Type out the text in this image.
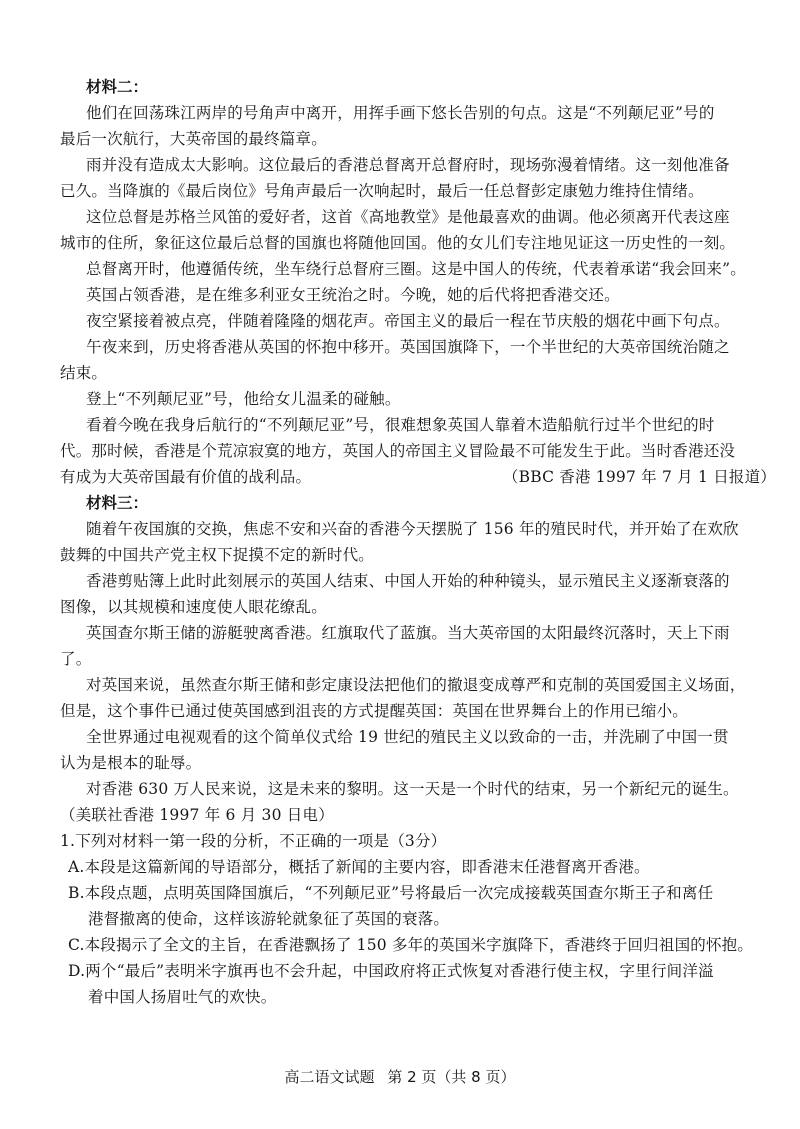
材料二：
他们在回荡珠江两岸的号角声中离开，用挥手画下悠长告别的句点。这是“不列颠尼亚”号的
最后一次航行，大英帝国的最终篇章。
雨并没有造成太大影响。这位最后的香港总督离开总督府时，现场弥漫着情绪。这一刻他准备
已久。当降旗的《最后岗位》号角声最后一次响起时，最后一任总督彭定康勉力维持住情绪。
这位总督是苏格兰风笛的爱好者，这首《高地教堂》是他最喜欢的曲调。他必须离开代表这座
城市的住所，象征这位最后总督的国旗也将随他回国。他的女儿们专注地见证这一历史性的一刻。
总督离开时，他遵循传统，坐车绕行总督府三圈。这是中国人的传统，代表着承诺“我会回来”。
英国占领香港，是在维多利亚女王统治之时。今晚，她的后代将把香港交还。
夜空紧接着被点亮，伴随着隆隆的烟花声。帝国主义的最后一程在节庆般的烟花中画下句点。
午夜来到，历史将香港从英国的怀抱中移开。英国国旗降下，一个半世纪的大英帝国统治随之
结束。
登上“不列颠尼亚”号，他给女儿温柔的碰触。
看着今晚在我身后航行的“不列颠尼亚”号，很难想象英国人靠着木造船航行过半个世纪的时
代。那时候，香港是个荒凉寂寞的地方，英国人的帝国主义冒险最不可能发生于此。当时香港还没
有成为大英帝国最有价值的战利品。	（BBC 香港 1997 年 7 月 1 日报道）
材料三：
随着午夜国旗的交换，焦虑不安和兴奋的香港今天摆脱了 156 年的殖民时代，并开始了在欢欣
鼓舞的中国共产党主权下捉摸不定的新时代。
香港剪贴簿上此时此刻展示的英国人结束、中国人开始的种种镜头，显示殖民主义逐渐衰落的
图像，以其规模和速度使人眼花缭乱。
英国查尔斯王储的游艇驶离香港。红旗取代了蓝旗。当大英帝国的太阳最终沉落时，天上下雨
了。
对英国来说，虽然查尔斯王储和彭定康设法把他们的撤退变成尊严和克制的英国爱国主义场面，
但是，这个事件已通过使英国感到沮丧的方式提醒英国：英国在世界舞台上的作用已缩小。
全世界通过电视观看的这个简单仪式给 19 世纪的殖民主义以致命的一击，并洗刷了中国一贯
认为是根本的耻辱。
对香港 630 万人民来说，这是未来的黎明。这一天是一个时代的结束，另一个新纪元的诞生。
（美联社香港 1997 年 6 月 30 日电）
1.下列对材料一第一段的分析，不正确的一项是（3分）
A.本段是这篇新闻的导语部分，概括了新闻的主要内容，即香港末任港督离开香港。
B.本段点题，点明英国降国旗后，“不列颠尼亚”号将最后一次完成接载英国查尔斯王子和离任
港督撤离的使命，这样该游轮就象征了英国的衰落。
C.本段揭示了全文的主旨，在香港飘扬了 150 多年的英国米字旗降下，香港终于回归祖国的怀抱。
D.两个“最后”表明米字旗再也不会升起，中国政府将正式恢复对香港行使主权，字里行间洋溢
着中国人扬眉吐气的欢快。
高二语文试题 第 2 页（共 8 页）
